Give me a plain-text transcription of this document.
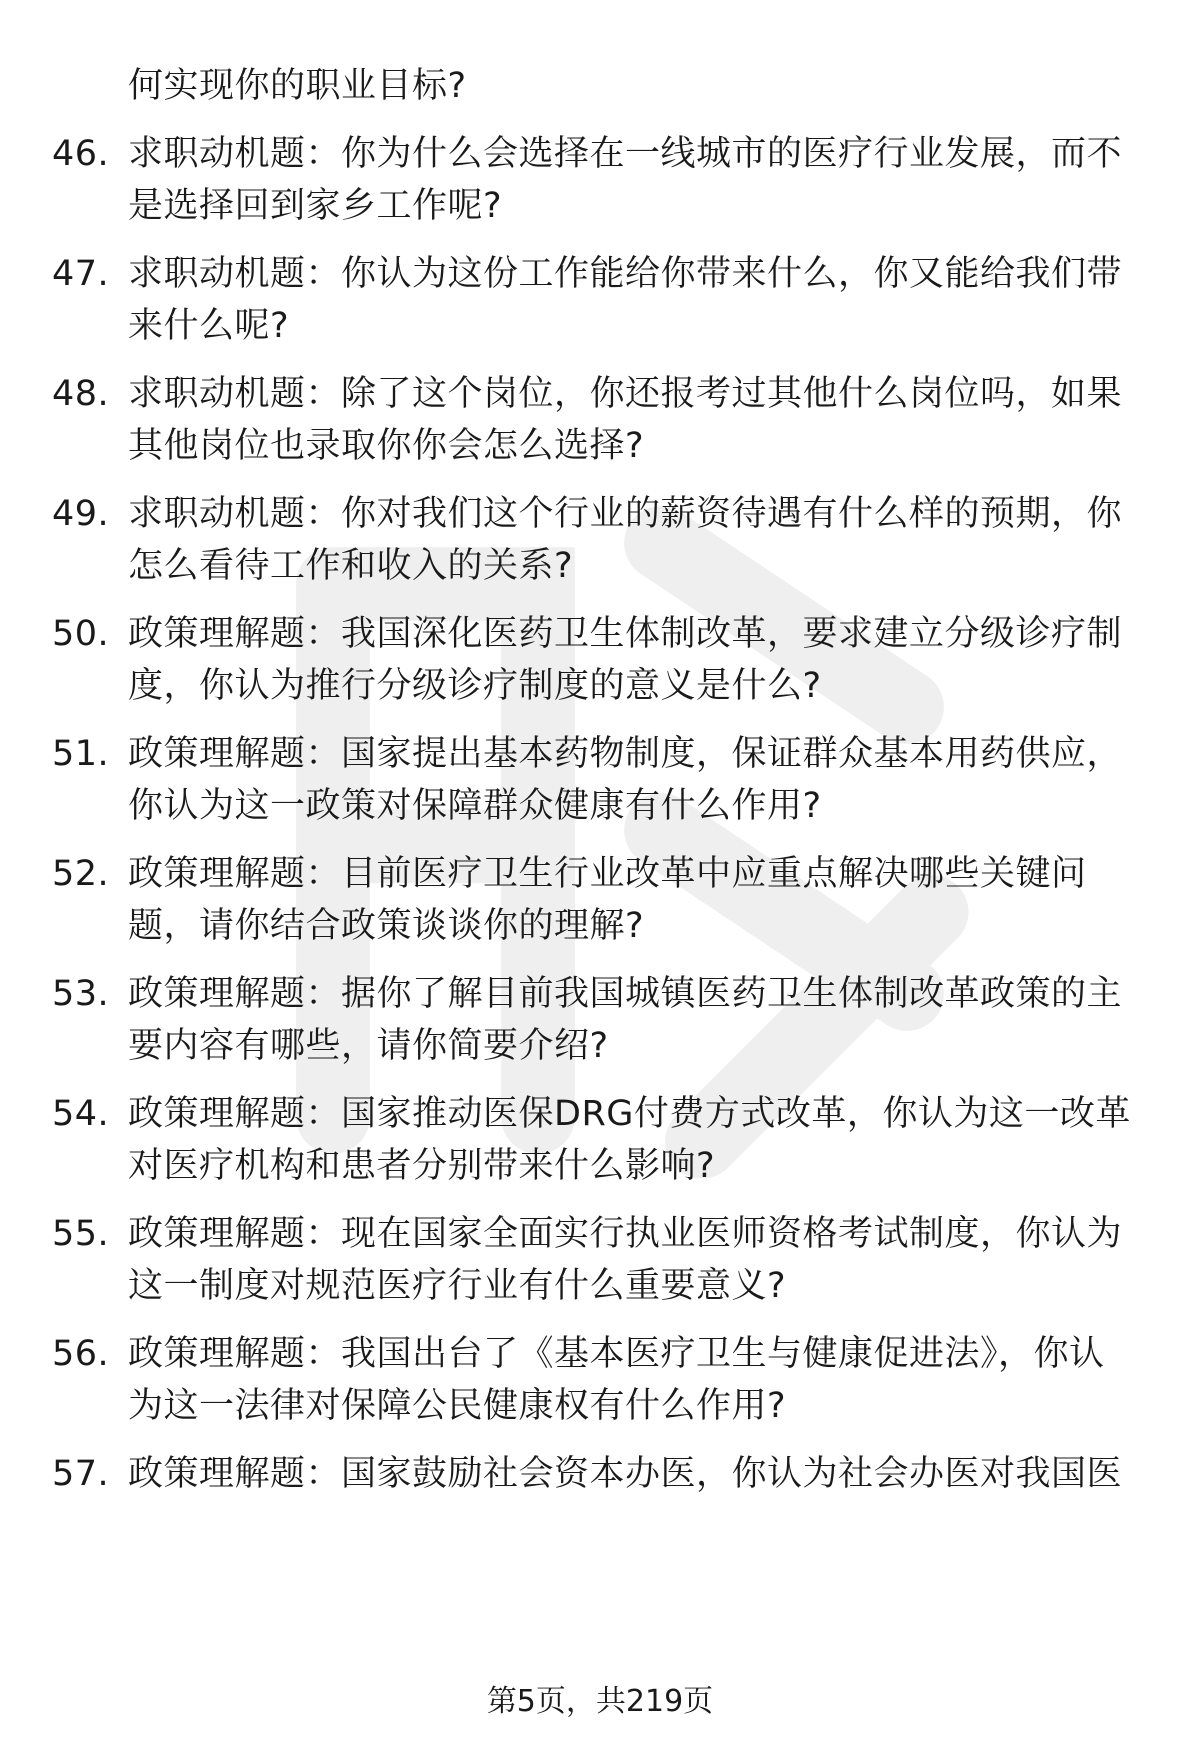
何实现你的职业目标?
46. 求职动机题：你为什么会选择在一线城市的医疗行业发展，而不是选择回到家乡工作呢?
47. 求职动机题：你认为这份工作能给你带来什么，你又能给我们带来什么呢?
48. 求职动机题：除了这个岗位，你还报考过其他什么岗位吗，如果其他岗位也录取你你会怎么选择?
49. 求职动机题：你对我们这个行业的薪资待遇有什么样的预期，你怎么看待工作和收入的关系?
50. 政策理解题：我国深化医药卫生体制改革，要求建立分级诊疗制度，你认为推行分级诊疗制度的意义是什么?
51. 政策理解题：国家提出基本药物制度，保证群众基本用药供应，你认为这一政策对保障群众健康有什么作用?
52. 政策理解题：目前医疗卫生行业改革中应重点解决哪些关键问题，请你结合政策谈谈你的理解?
53. 政策理解题：据你了解目前我国城镇医药卫生体制改革政策的主要内容有哪些，请你简要介绍?
54. 政策理解题：国家推动医保DRG付费方式改革，你认为这一改革对医疗机构和患者分别带来什么影响?
55. 政策理解题：现在国家全面实行执业医师资格考试制度，你认为这一制度对规范医疗行业有什么重要意义?
56. 政策理解题：我国出台了《基本医疗卫生与健康促进法》，你认为这一法律对保障公民健康权有什么作用?
57. 政策理解题：国家鼓励社会资本办医，你认为社会办医对我国医
第5页，共219页
